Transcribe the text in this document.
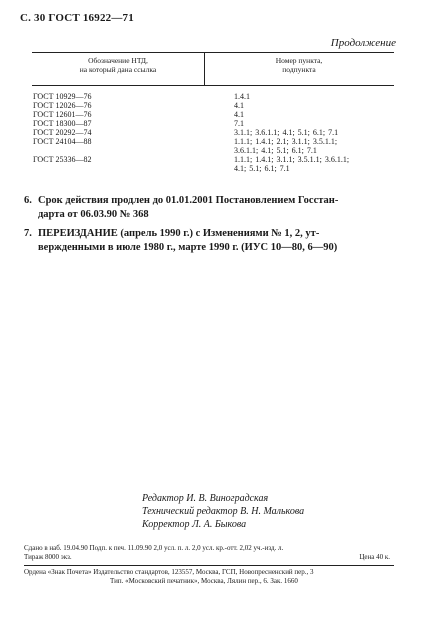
С. 30 ГОСТ 16922—71
Продолжение
Обозначение НТД,
на который дана ссылка
Номер пункта,
подпункта
ГОСТ 10929—76	1.4.1
ГОСТ 12026—76	4.1
ГОСТ 12601—76	4.1
ГОСТ 18300—87	7.1
ГОСТ 20292—74	3.1.1; 3.6.1.1; 4.1; 5.1; 6.1; 7.1
ГОСТ 24104—88	1.1.1; 1.4.1; 2.1; 3.1.1; 3.5.1.1;
3.6.1.1; 4.1; 5.1; 6.1; 7.1
ГОСТ 25336—82	1.1.1; 1.4.1; 3.1.1; 3.5.1.1; 3.6.1.1;
4.1; 5.1; 6.1; 7.1
6. Срок действия продлен до 01.01.2001 Постановлением Госстан-
дарта от 06.03.90 № 368
7. ПЕРЕИЗДАНИЕ (апрель 1990 г.) с Изменениями № 1, 2, ут-
вержденными в июле 1980 г., марте 1990 г. (ИУС 10—80, 6—90)
Редактор И. В. Виноградская
Технический редактор В. Н. Малькова
Корректор Л. А. Быкова
Сдано в наб. 19.04.90 Подп. к печ. 11.09.90 2,0 усл. п. л. 2,0 усл. кр.-отт. 2,02 уч.-изд. л.
Тираж 8000 экз.	Цена 40 к.
Ордена «Знак Почета» Издательство стандартов, 123557, Москва, ГСП, Новопресненский пер., 3
Тип. «Московский печатник», Москва, Лялин пер., 6. Зак. 1660
